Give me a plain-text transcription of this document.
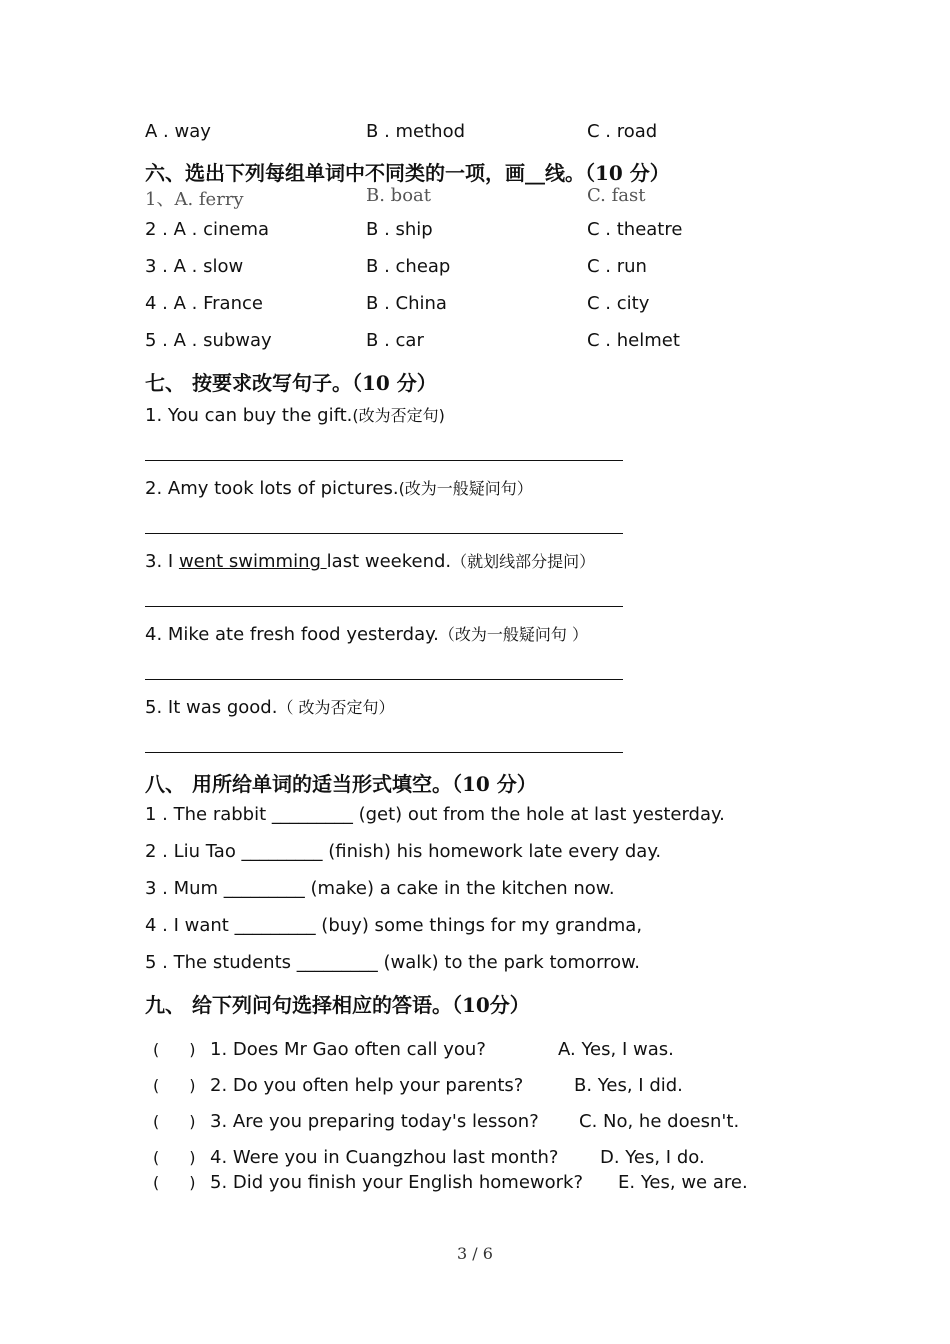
A . way	B . method	C . road
六、选出下列每组单词中不同类的一项，画__线。（10 分）
1、A. ferry	B. boat	C. fast
2 . A . cinema	B . ship	C . theatre
3 . A . slow	B . cheap	C . run
4 . A . France	B . China	C . city
5 . A . subway	B . car	C . helmet
七、 按要求改写句子。（10 分）
1. You can buy the gift.(改为否定句)
2. Amy took lots of pictures.(改为一般疑问句）
3. I went swimming last weekend.（就划线部分提问）
4. Mike ate fresh food yesterday.（改为一般疑问句 ）
5. It was good.（ 改为否定句）
八、 用所给单词的适当形式填空。（10 分）
1 . The rabbit _________ (get) out from the hole at last yesterday.
2 . Liu Tao _________ (finish) his homework late every day.
3 . Mum _________ (make) a cake in the kitchen now.
4 . I want _________ (buy) some things for my grandma,
5 . The students _________ (walk) to the park tomorrow.
九、 给下列问句选择相应的答语。（10分）
( ) 1. Does Mr Gao often call you?	A. Yes, I was.
( ) 2. Do you often help your parents?	B. Yes, I did.
( ) 3. Are you preparing today's lesson? C. No, he doesn't.
( ) 4. Were you in Cuangzhou last month? D. Yes, I do.
( ) 5. Did you finish your English homework? E. Yes, we are.
3 / 6
